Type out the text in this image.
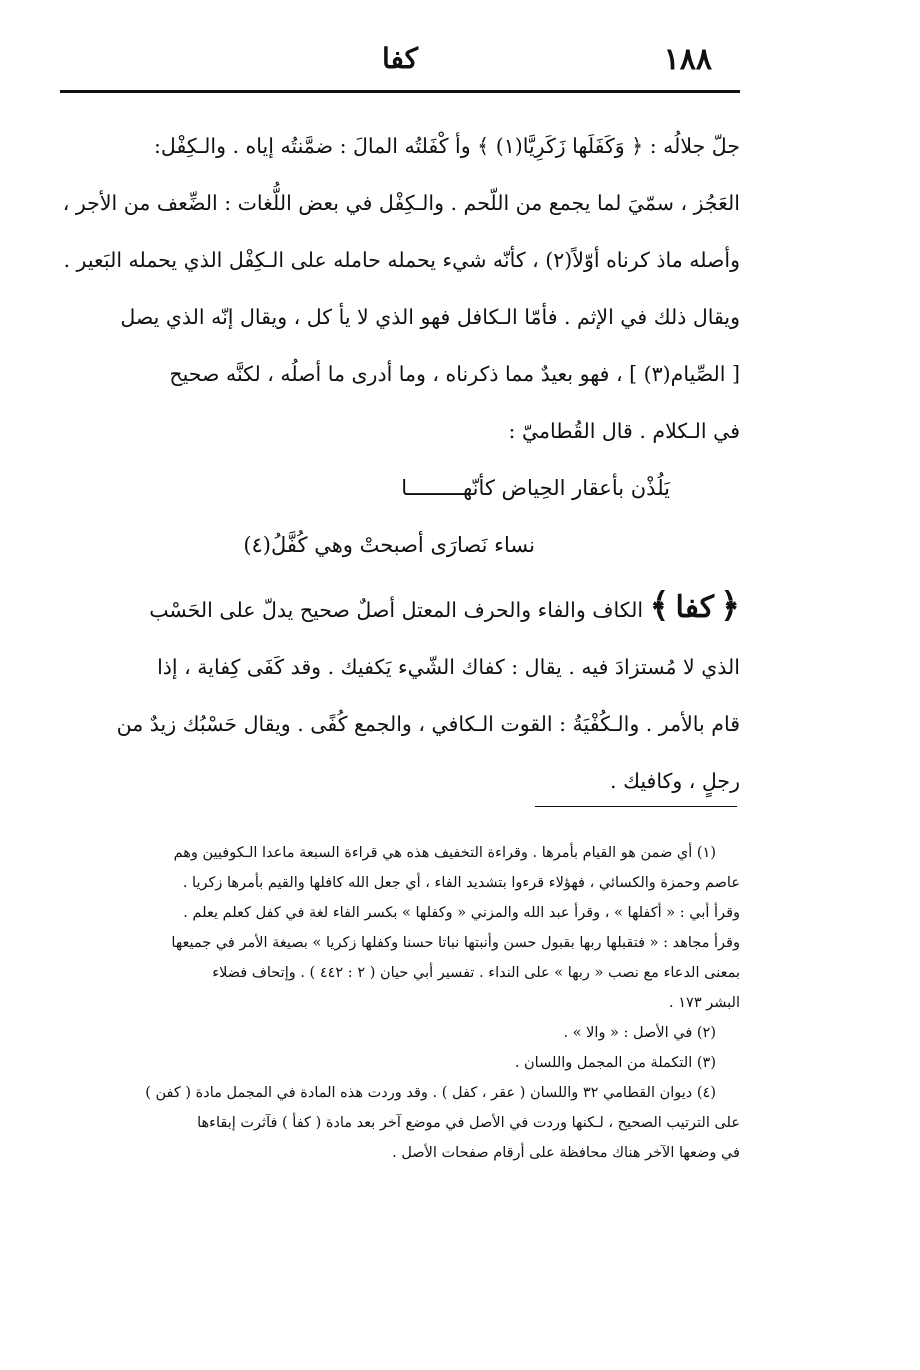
١٨٨
كفا

جلّ جلالُه : ﴿ وَكَفَلَها زَكَرِيَّا(١) ﴾ وأ كْفَلتُه المالَ : ضمَّنتُه إياه . والـكِفْل:
العَجُز ، سمّيَ لما يجمع من اللّحم . والـكِفْل في بعض اللُّغات : الضِّعف من الأجر ،
وأصله ماذ كرناه أوّلاً(٢) ، كأنّه شيء يحمله حامله على الـكِفْل الذي يحمله البَعير .
ويقال ذلك في الإثم . فأمّا الـكافل فهو الذي لا يأ كل ، ويقال إنّه الذي يصل
[ الصِّيام(٣) ] ، فهو بعيدٌ مما ذكرناه ، وما أدرى ما أصلُه ، لكنَّه صحيح
في الـكلام . قال القُطاميّ :

يَلُذْن بأعقار الحِياض كأنّهـــــــــا
نساء نَصارَى أصبحتْ وهي كُفَّلُ(٤)

﴿كفا﴾ الكاف والفاء والحرف المعتل أصلٌ صحيح يدلّ على الحَسْب
الذي لا مُستزادَ فيه . يقال : كفاك الشّيء يَكفيك . وقد كَفَى كِفاية ، إذا
قام بالأمر . والـكُفْيَةُ : القوت الـكافي ، والجمع كُفًى . ويقال حَسْبُك زيدٌ من
رجلٍ ، وكافيك .

(١) أي ضمن هو القيام بأمرها . وقراءة التخفيف هذه هي قراءة السبعة ماعدا الـكوفيين وهم
عاصم وحمزة والكسائي ، فهؤلاء قرءوا بتشديد الفاء ، أي جعل الله كافلها والقيم بأمرها زكريا .
وقرأ أبي : « أكفلها » ، وقرأ عبد الله والمزني « وكفلها » بكسر الفاء لغة في كفل كعلم يعلم .
وقرأ مجاهد : « فتقبلها ربها بقبول حسن وأنبتها نباتا حسنا وكفلها زكريا » بصيغة الأمر في جميعها
بمعنى الدعاء مع نصب « ربها » على النداء . تفسير أبي حيان ( ٢ : ٤٤٢ ) . وإتحاف فضلاء
البشر ١٧٣ .
(٢) في الأصل : « والا » .
(٣) التكملة من المجمل واللسان .
(٤) ديوان القطامي ٣٢ واللسان ( عقر ، كفل ) . وقد وردت هذه المادة في المجمل مادة ( كفن )
على الترتيب الصحيح ، لـكنها وردت في الأصل في موضع آخر بعد مادة ( كفأ ) فآثرت إبقاءها
في وضعها الآخر هناك محافظة على أرقام صفحات الأصل .
